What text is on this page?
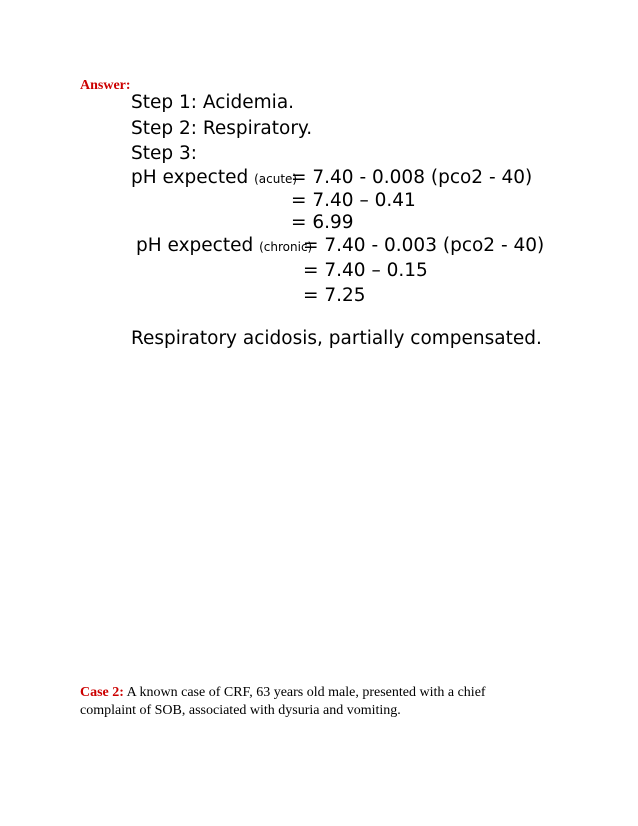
Answer:
Step 1: Acidemia.
Step 2: Respiratory.
Step 3:
pH expected (acute)
= 7.40 - 0.008 (pco2 - 40)
= 7.40 – 0.41
= 6.99
pH expected (chronic)
= 7.40 - 0.003 (pco2 - 40)
= 7.40 – 0.15
= 7.25
Respiratory acidosis, partially compensated.
Case 2: A known case of CRF, 63 years old male, presented with a chief complaint of SOB, associated with dysuria and vomiting.
